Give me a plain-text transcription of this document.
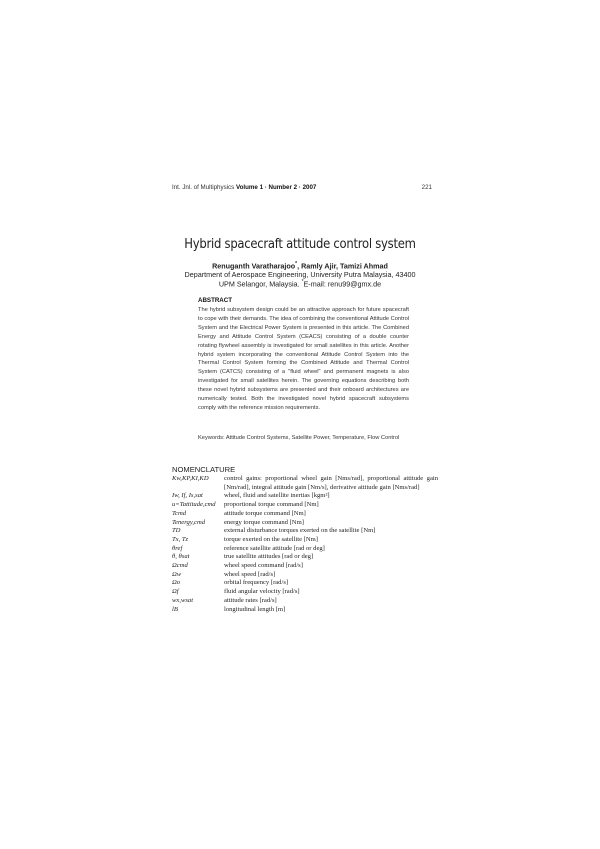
Int. Jnl. of Multiphysics Volume 1 · Number 2 · 2007	221
Hybrid spacecraft attitude control system
Renuganth Varatharajoo*, Ramly Ajir, Tamizi Ahmad
Department of Aerospace Engineering, University Putra Malaysia, 43400
UPM Selangor, Malaysia. *E-mail: renu99@gmx.de
ABSTRACT
The hybrid subsystem design could be an attractive approach for future spacecraft to cope with their demands. The idea of combining the conventional Attitude Control System and the Electrical Power System is presented in this article. The Combined Energy and Attitude Control System (CEACS) consisting of a double counter rotating flywheel assembly is investigated for small satellites in this article. Another hybrid system incorporating the conventional Attitude Control System into the Thermal Control System forming the Combined Attitude and Thermal Control System (CATCS) consisting of a "fluid wheel" and permanent magnets is also investigated for small satellites herein. The governing equations describing both these novel hybrid subsystems are presented and their onboard architectures are numerically tested. Both the investigated novel hybrid spacecraft subsystems comply with the reference mission requirements.
Keywords: Attitude Control Systems, Satellite Power, Temperature, Flow Control
NOMENCLATURE
Kw,KP,KI,KD	control gains: proportional wheel gain [Nms/rad], proportional attitude gain [Nm/rad], integral attitude gain [Nm/s], derivative attitude gain [Nms/rad]
Iw, If, Is,sat	wheel, fluid and satellite inertias [kgm²]
u=Tattitude,cmd	proportional torque command [Nm]
Tcmd	attitude torque command [Nm]
Tenergy,cmd	energy torque command [Nm]
TD	external disturbance torques exerted on the satellite [Nm]
Tx, Tz	torque exerted on the satellite [Nm]
θref	reference satellite attitude [rad or deg]
θ, θsat	true satellite attitudes [rad or deg]
Ωcmd	wheel speed command [rad/s]
Ωw	wheel speed [rad/s]
Ωo	orbital frequency [rad/s]
Ωf	fluid angular velocity [rad/s]
wx,wsat	attitude rates [rad/s]
lB	longitudinal length [m]
